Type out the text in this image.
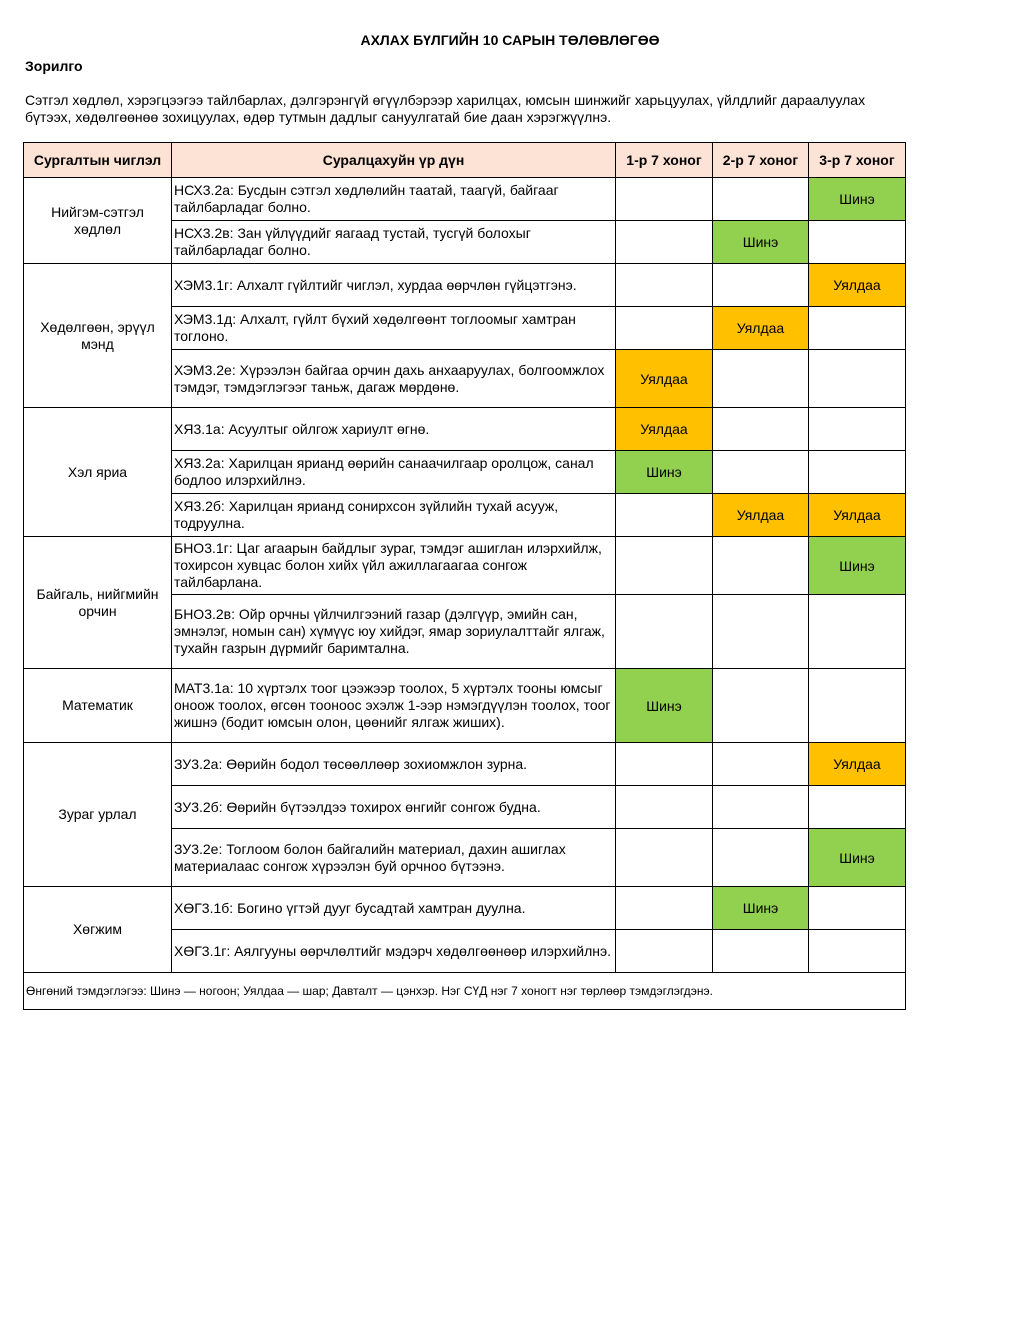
АХЛАХ БҮЛГИЙН 10 САРЫН ТӨЛӨВЛӨГӨӨ
Зорилго
Сэтгэл хөдлөл, хэрэгцээгээ тайлбарлах, дэлгэрэнгүй өгүүлбэрээр харилцах, юмсын шинжийг харьцуулах, үйлдлийг дараалуулах бүтээх, хөдөлгөөнөө зохицуулах, өдөр тутмын дадлыг сануулгатай бие даан хэрэгжүүлнэ.
Сургалтын чиглэл	Суралцахуйн үр дүн	1-р 7 хоног	2-р 7 хоног	3-р 7 хоног
Нийгэм-сэтгэл хөдлөл	НСХ3.2а: Бусдын сэтгэл хөдлөлийн таатай, таагүй, байгааг тайлбарладаг болно.			Шинэ
	НСХ3.2в: Зан үйлүүдийг яагаад тустай, тусгүй болохыг тайлбарладаг болно.		Шинэ	
Хөдөлгөөн, эрүүл мэнд	ХЭМ3.1г: Алхалт гүйлтийг чиглэл, хурдаа өөрчлөн гүйцэтгэнэ.			Уялдаа
	ХЭМ3.1д: Алхалт, гүйлт бүхий хөдөлгөөнт тоглоомыг хамтран тоглоно.		Уялдаа	
	ХЭМ3.2е: Хүрээлэн байгаа орчин дахь анхааруулах, болгоомжлох тэмдэг, тэмдэглэгээг таньж, дагаж мөрдөнө.	Уялдаа		
Хэл яриа	ХЯ3.1а: Асуултыг ойлгож хариулт өгнө.	Уялдаа		
	ХЯ3.2а: Харилцан ярианд өөрийн санаачилгаар оролцож, санал бодлоо илэрхийлнэ.	Шинэ		
	ХЯ3.2б: Харилцан ярианд сонирхсон зүйлийн тухай асууж, тодруулна.		Уялдаа	Уялдаа
Байгаль, нийгмийн орчин	БНО3.1г: Цаг агаарын байдлыг зураг, тэмдэг ашиглан илэрхийлж, тохирсон хувцас болон хийх үйл ажиллагаагаа сонгож тайлбарлана.			Шинэ
	БНО3.2в: Ойр орчны үйлчилгээний газар (дэлгүүр, эмийн сан, эмнэлэг, номын сан) хүмүүс юу хийдэг, ямар зориулалттайг ялгаж, тухайн газрын дүрмийг баримтална.			
Математик	МАТ3.1а: 10 хүртэлх тоог цээжээр тоолох, 5 хүртэлх тооны юмсыг оноож тоолох, өгсөн тооноос эхэлж 1-ээр нэмэгдүүлэн тоолох, тоог жишнэ (бодит юмсын олон, цөөнийг ялгаж жиших).	Шинэ		
Зураг урлал	ЗУ3.2а: Өөрийн бодол төсөөллөөр зохиомжлон зурна.			Уялдаа
	ЗУ3.2б: Өөрийн бүтээлдээ тохирох өнгийг сонгож будна.			
	ЗУ3.2е: Тоглоом болон байгалийн материал, дахин ашиглах материалаас сонгож хүрээлэн буй орчноо бүтээнэ.			Шинэ
Хөгжим	ХӨГ3.1б: Богино үгтэй дууг бусадтай хамтран дуулна.		Шинэ	
	ХӨГ3.1г: Аялгууны өөрчлөлтийг мэдэрч хөдөлгөөнөөр илэрхийлнэ.			
Өнгөний тэмдэглэгээ: Шинэ — ногоон; Уялдаа — шар; Давталт — цэнхэр. Нэг СҮД нэг 7 хоногт нэг төрлөөр тэмдэглэгдэнэ.				
